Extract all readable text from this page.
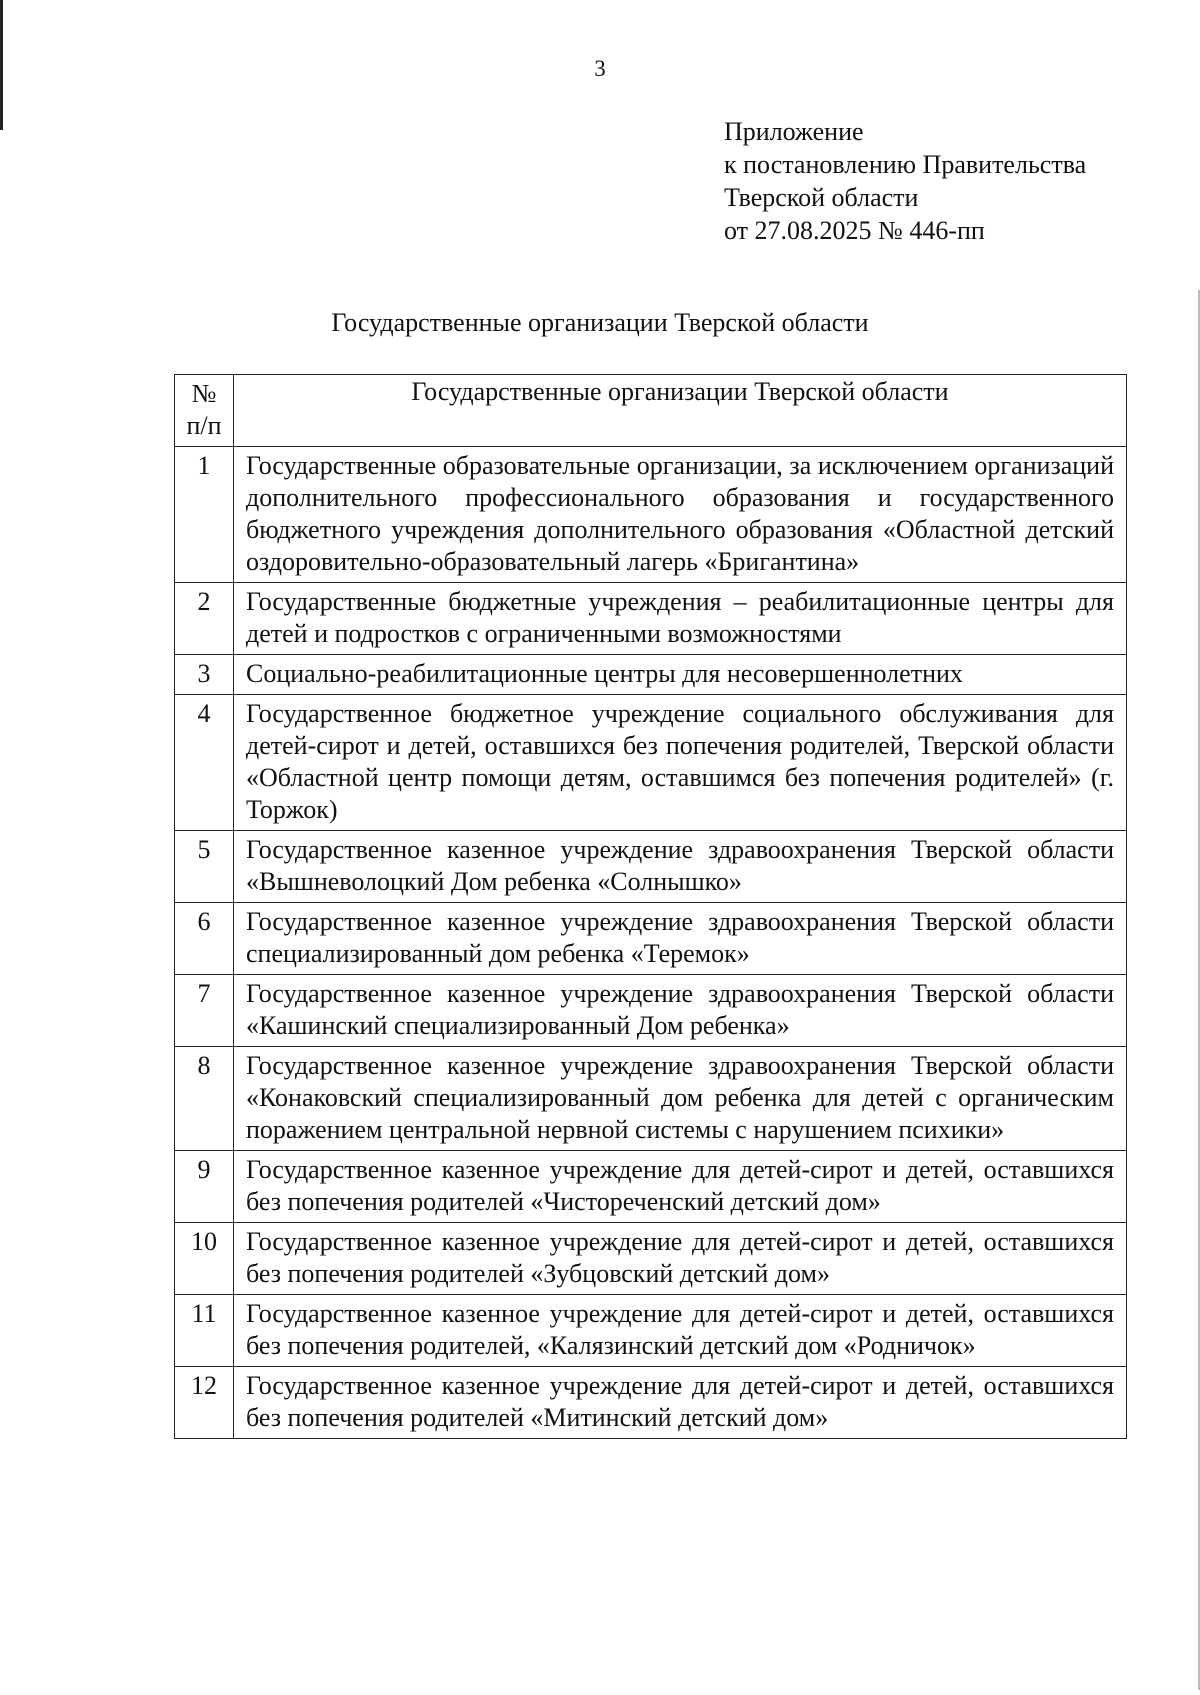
3
Приложение
к постановлению Правительства
Тверской области
от 27.08.2025 № 446-пп
Государственные организации Тверской области
№
п/п	Государственные организации Тверской области
1	Государственные образовательные организации, за исключением организаций дополнительного профессионального образования и государственного бюджетного учреждения дополнительного образования «Областной детский оздоровительно-образовательный лагерь «Бригантина»
2	Государственные бюджетные учреждения – реабилитационные центры для детей и подростков с ограниченными возможностями
3	Социально-реабилитационные центры для несовершеннолетних
4	Государственное бюджетное учреждение социального обслуживания для детей-сирот и детей, оставшихся без попечения родителей, Тверской области «Областной центр помощи детям, оставшимся без попечения родителей» (г. Торжок)
5	Государственное казенное учреждение здравоохранения Тверской области «Вышневолоцкий Дом ребенка «Солнышко»
6	Государственное казенное учреждение здравоохранения Тверской области специализированный дом ребенка «Теремок»
7	Государственное казенное учреждение здравоохранения Тверской области «Кашинский специализированный Дом ребенка»
8	Государственное казенное учреждение здравоохранения Тверской области «Конаковский специализированный дом ребенка для детей с органическим поражением центральной нервной системы с нарушением психики»
9	Государственное казенное учреждение для детей-сирот и детей, оставшихся без попечения родителей «Чистореченский детский дом»
10	Государственное казенное учреждение для детей-сирот и детей, оставшихся без попечения родителей «Зубцовский детский дом»
11	Государственное казенное учреждение для детей-сирот и детей, оставшихся без попечения родителей, «Калязинский детский дом «Родничок»
12	Государственное казенное учреждение для детей-сирот и детей, оставшихся без попечения родителей «Митинский детский дом»
